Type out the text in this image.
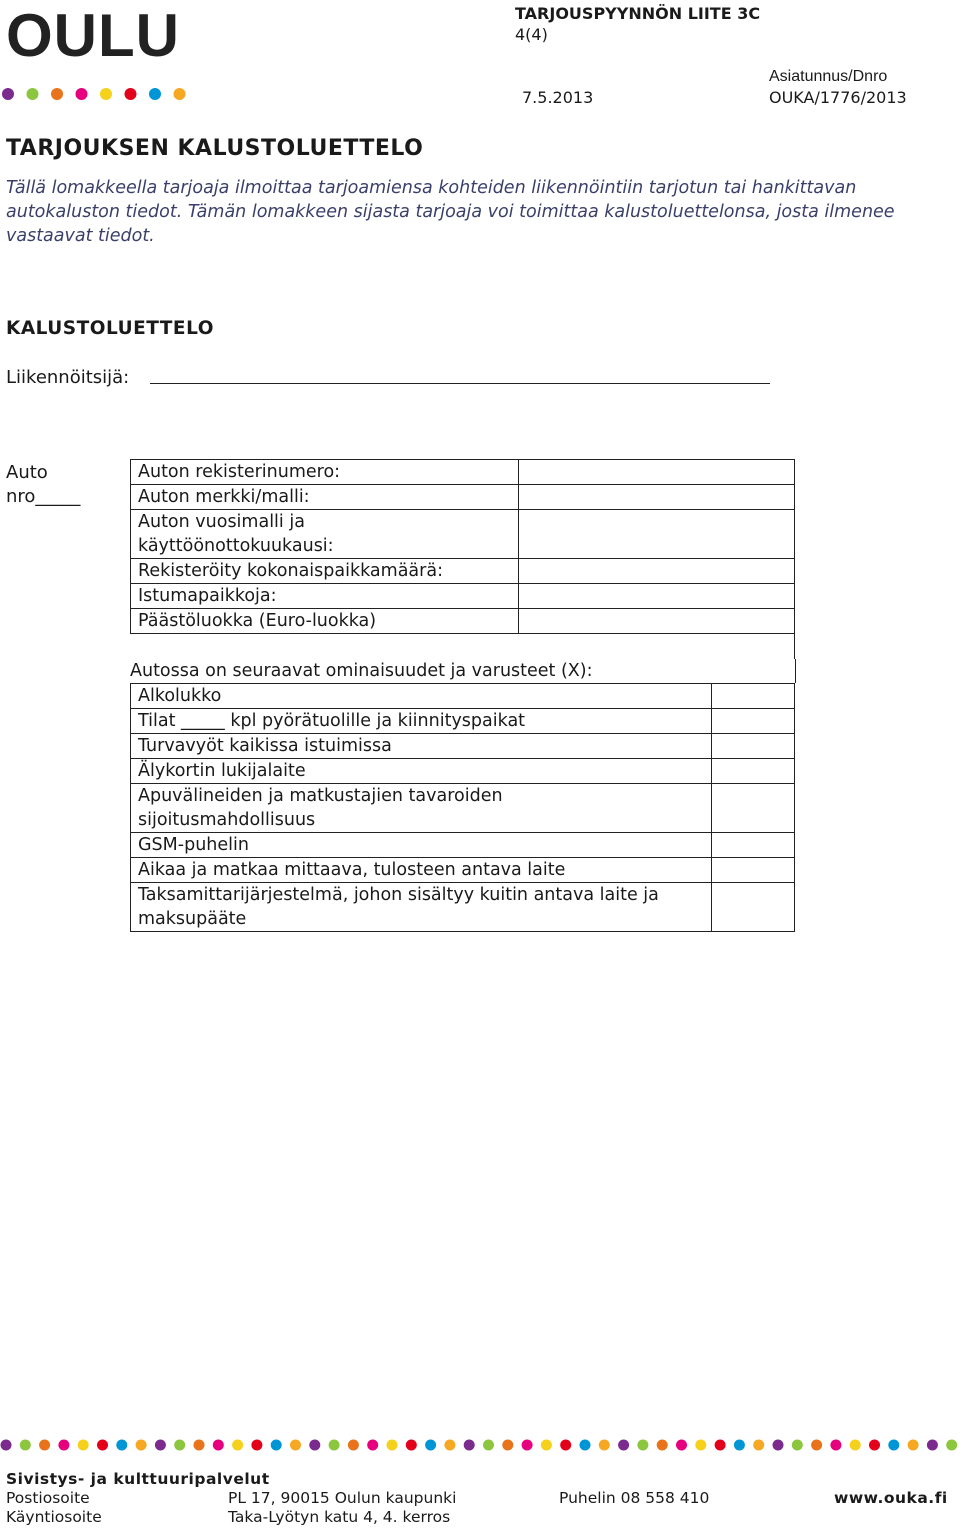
OULU	TARJOUSPYYNNÖN LIITE 3C
4(4)
7.5.2013
Asiatunnus/Dnro
OUKA/1776/2013
TARJOUKSEN KALUSTOLUETTELO
Tällä lomakkeella tarjoaja ilmoittaa tarjoamiensa kohteiden liikennöintiin tarjotun tai hankittavan autokaluston tiedot. Tämän lomakkeen sijasta tarjoaja voi toimittaa kalustoluettelonsa, josta ilmenee vastaavat tiedot.
KALUSTOLUETTELO
Liikennöitsijä:
Auto
nro_____
Auton rekisterinumero:	
Auton merkki/malli:	
Auton vuosimalli ja käyttöönottokuukausi:	
Rekisteröity kokonaispaikkamäärä:	
Istumapaikkoja:	
Päästöluokka (Euro-luokka)	
Autossa on seuraavat ominaisuudet ja varusteet (X):
Alkolukko	
Tilat _____ kpl pyörätuolille ja kiinnityspaikat	
Turvavyöt kaikissa istuimissa	
Älykortin lukijalaite	
Apuvälineiden ja matkustajien tavaroiden sijoitusmahdollisuus	
GSM-puhelin	
Aikaa ja matkaa mittaava, tulosteen antava laite	
Taksamittarijärjestelmä, johon sisältyy kuitin antava laite ja maksupääte	
Sivistys- ja kulttuuripalvelut
Postiosoite	PL 17, 90015 Oulun kaupunki	Puhelin 08 558 410	www.ouka.fi
Käyntiosoite	Taka-Lyötyn katu 4, 4. kerros
